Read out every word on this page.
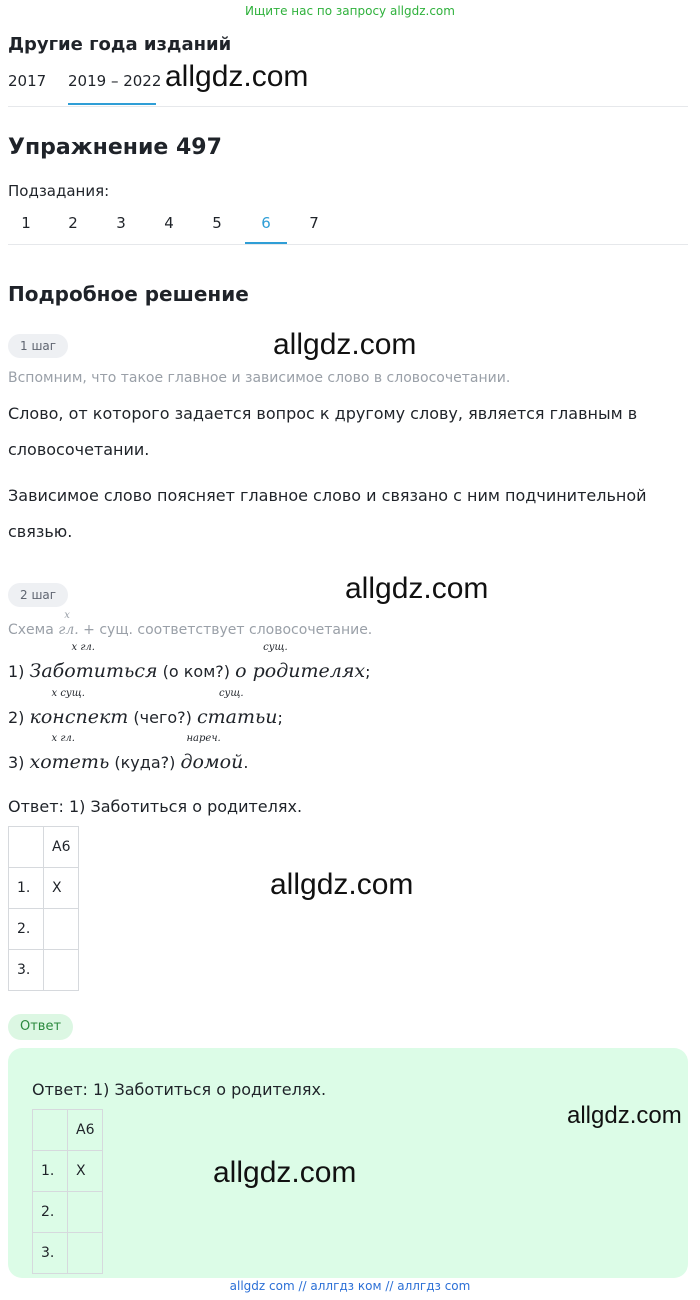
Ищите нас по запросу allgdz.com
Другие года изданий
2017 2019 – 2022 allgdz.com
Упражнение 497
Подзадания:
1	2	3	4	5	6	7
Подробное решение
1 шаг	allgdz.com
Вспомним, что такое главное и зависимое слово в словосочетании.
Слово, от которого задается вопрос к другому слову, является главным в словосочетании.
Зависимое слово поясняет главное слово и связано с ним подчинительной связью.
2 шаг	allgdz.com
Схема
x
гл. + сущ. соответствует словосочетание.
1)
x гл.
Заботиться (о ком?)
сущ.
о родителях;
2)
x сущ.
конспект (чего?)
сущ.
статьи;
3)
x гл.
хотеть (куда?)
нареч.
домой.
Ответ: 1) Заботиться о родителях.
	А6
1.	X
2.	
3.	
allgdz.com
Ответ
Ответ: 1) Заботиться о родителях.
allgdz.com
	А6
1.	X
2.	
3.	
allgdz.com
allgdz com // аллгдз ком // аллгдз com
